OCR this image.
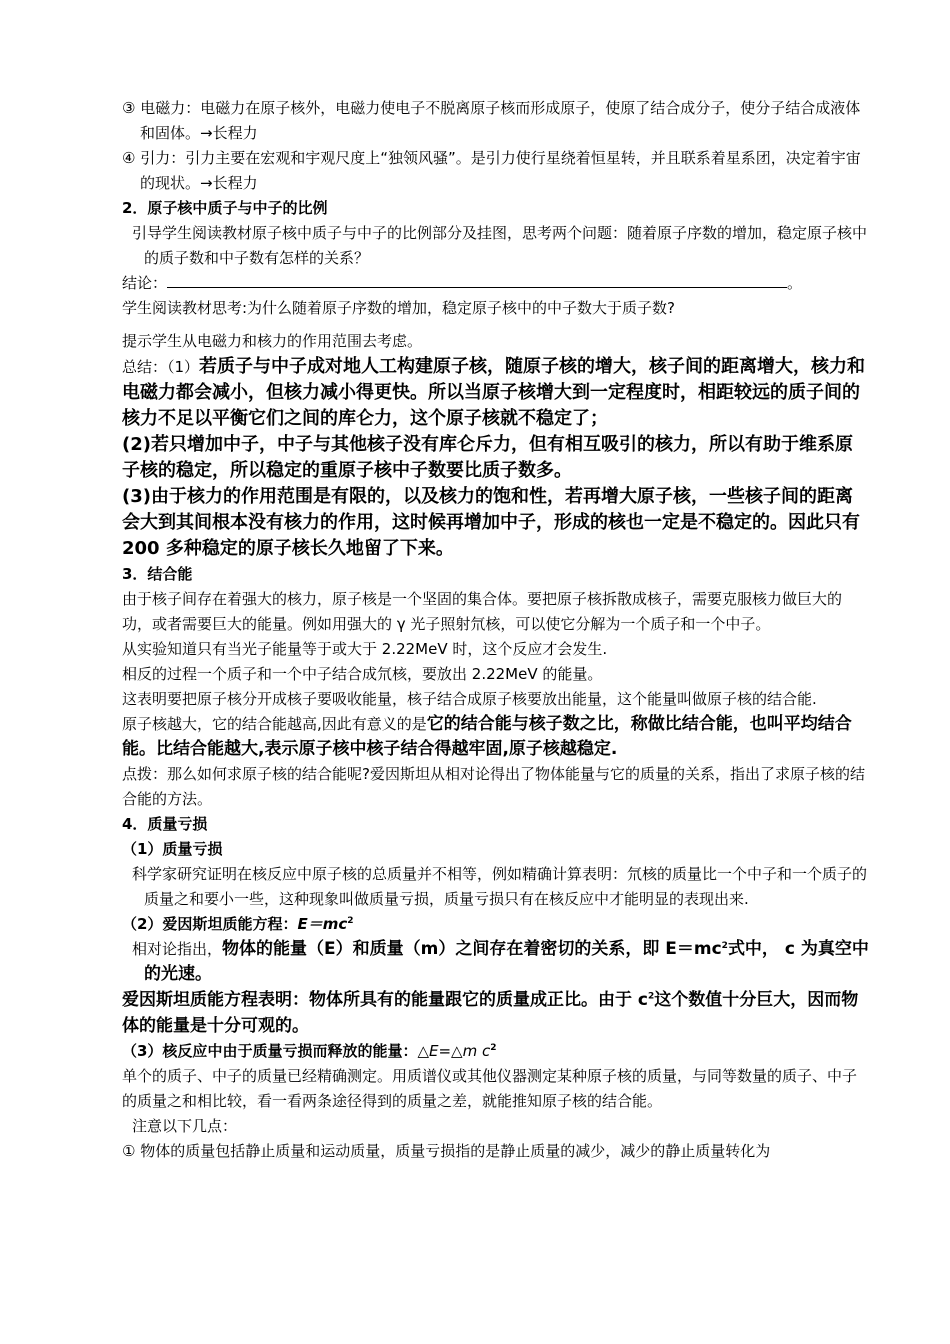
③ 电磁力：电磁力在原子核外，电磁力使电子不脱离原子核而形成原子，使原了结合成分子，使分子结合成液体和固体。→长程力

④ 引力：引力主要在宏观和宇观尺度上“独领风骚”。是引力使行星绕着恒星转，并且联系着星系团，决定着宇宙的现状。→长程力

2．原子核中质子与中子的比例

引导学生阅读教材原子核中质子与中子的比例部分及挂图，思考两个问题：随着原子序数的增加，稳定原子核中的质子数和中子数有怎样的关系？

结论：	。

学生阅读教材思考:为什么随着原子序数的增加，稳定原子核中的中子数大于质子数?

提示学生从电磁力和核力的作用范围去考虑。

总结：（1）若质子与中子成对地人工构建原子核，随原子核的增大，核子间的距离增大，核力和电磁力都会减小，但核力减小得更快。所以当原子核增大到一定程度时，相距较远的质子间的核力不足以平衡它们之间的库仑力，这个原子核就不稳定了；

(2)若只增加中子，中子与其他核子没有库仑斥力，但有相互吸引的核力，所以有助于维系原子核的稳定，所以稳定的重原子核中子数要比质子数多。

(3)由于核力的作用范围是有限的，以及核力的饱和性，若再增大原子核，一些核子间的距离会大到其间根本没有核力的作用，这时候再增加中子，形成的核也一定是不稳定的。因此只有 200 多种稳定的原子核长久地留了下来。

3．结合能

由于核子间存在着强大的核力，原子核是一个坚固的集合体。要把原子核拆散成核子，需要克服核力做巨大的功，或者需要巨大的能量。例如用强大的 γ 光子照射氘核，可以使它分解为一个质子和一个中子。

从实验知道只有当光子能量等于或大于 2.22MeV 时，这个反应才会发生.

相反的过程一个质子和一个中子结合成氘核，要放出 2.22MeV 的能量。

这表明要把原子核分开成核子要吸收能量，核子结合成原子核要放出能量，这个能量叫做原子核的结合能.

原子核越大，它的结合能越高,因此有意义的是它的结合能与核子数之比，称做比结合能，也叫平均结合能。比结合能越大,表示原子核中核子结合得越牢固,原子核越稳定.

点拨：那么如何求原子核的结合能呢?爱因斯坦从相对论得出了物体能量与它的质量的关系，指出了求原子核的结合能的方法。

4．质量亏损

（1）质量亏损

科学家研究证明在核反应中原子核的总质量并不相等，例如精确计算表明：氘核的质量比一个中子和一个质子的质量之和要小一些，这种现象叫做质量亏损，质量亏损只有在核反应中才能明显的表现出来.

（2）爱因斯坦质能方程：$E=mc^2$

相对论指出，物体的能量（E）和质量（m）之间存在着密切的关系，即 $E=mc^2$式中， c 为真空中的光速。

爱因斯坦质能方程表明：物体所具有的能量跟它的质量成正比。由于 $c^2$这个数值十分巨大，因而物体的能量是十分可观的。

（3）核反应中由于质量亏损而释放的能量：△E=△m $c^2$

单个的质子、中子的质量已经精确测定。用质谱仪或其他仪器测定某种原子核的质量，与同等数量的质子、中子的质量之和相比较，看一看两条途径得到的质量之差，就能推知原子核的结合能。

注意以下几点：

① 物体的质量包括静止质量和运动质量，质量亏损指的是静止质量的减少，减少的静止质量转化为
